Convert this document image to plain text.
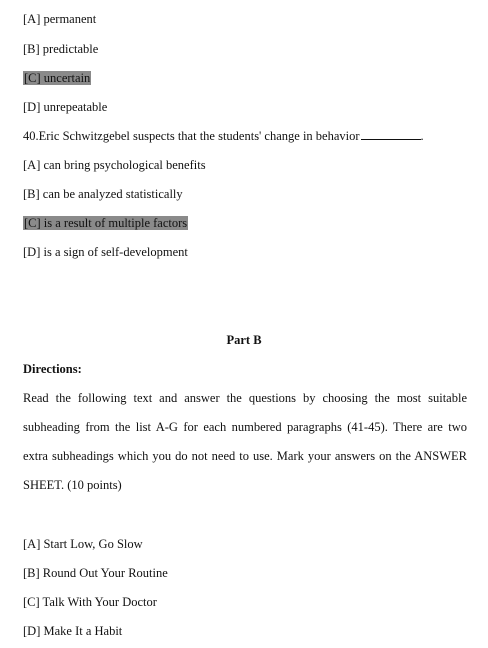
[A] permanent
[B] predictable
[C] uncertain
[D] unrepeatable
40.Eric Schwitzgebel suspects that the students' change in behavior	.
[A] can bring psychological benefits
[B] can be analyzed statistically
[C] is a result of multiple factors
[D] is a sign of self-development
Part B
Directions:
Read the following text and answer the questions by choosing the most suitable subheading from the list A-G for each numbered paragraphs (41-45). There are two extra subheadings which you do not need to use. Mark your answers on the ANSWER SHEET. (10 points)
[A] Start Low, Go Slow
[B] Round Out Your Routine
[C] Talk With Your Doctor
[D] Make It a Habit
